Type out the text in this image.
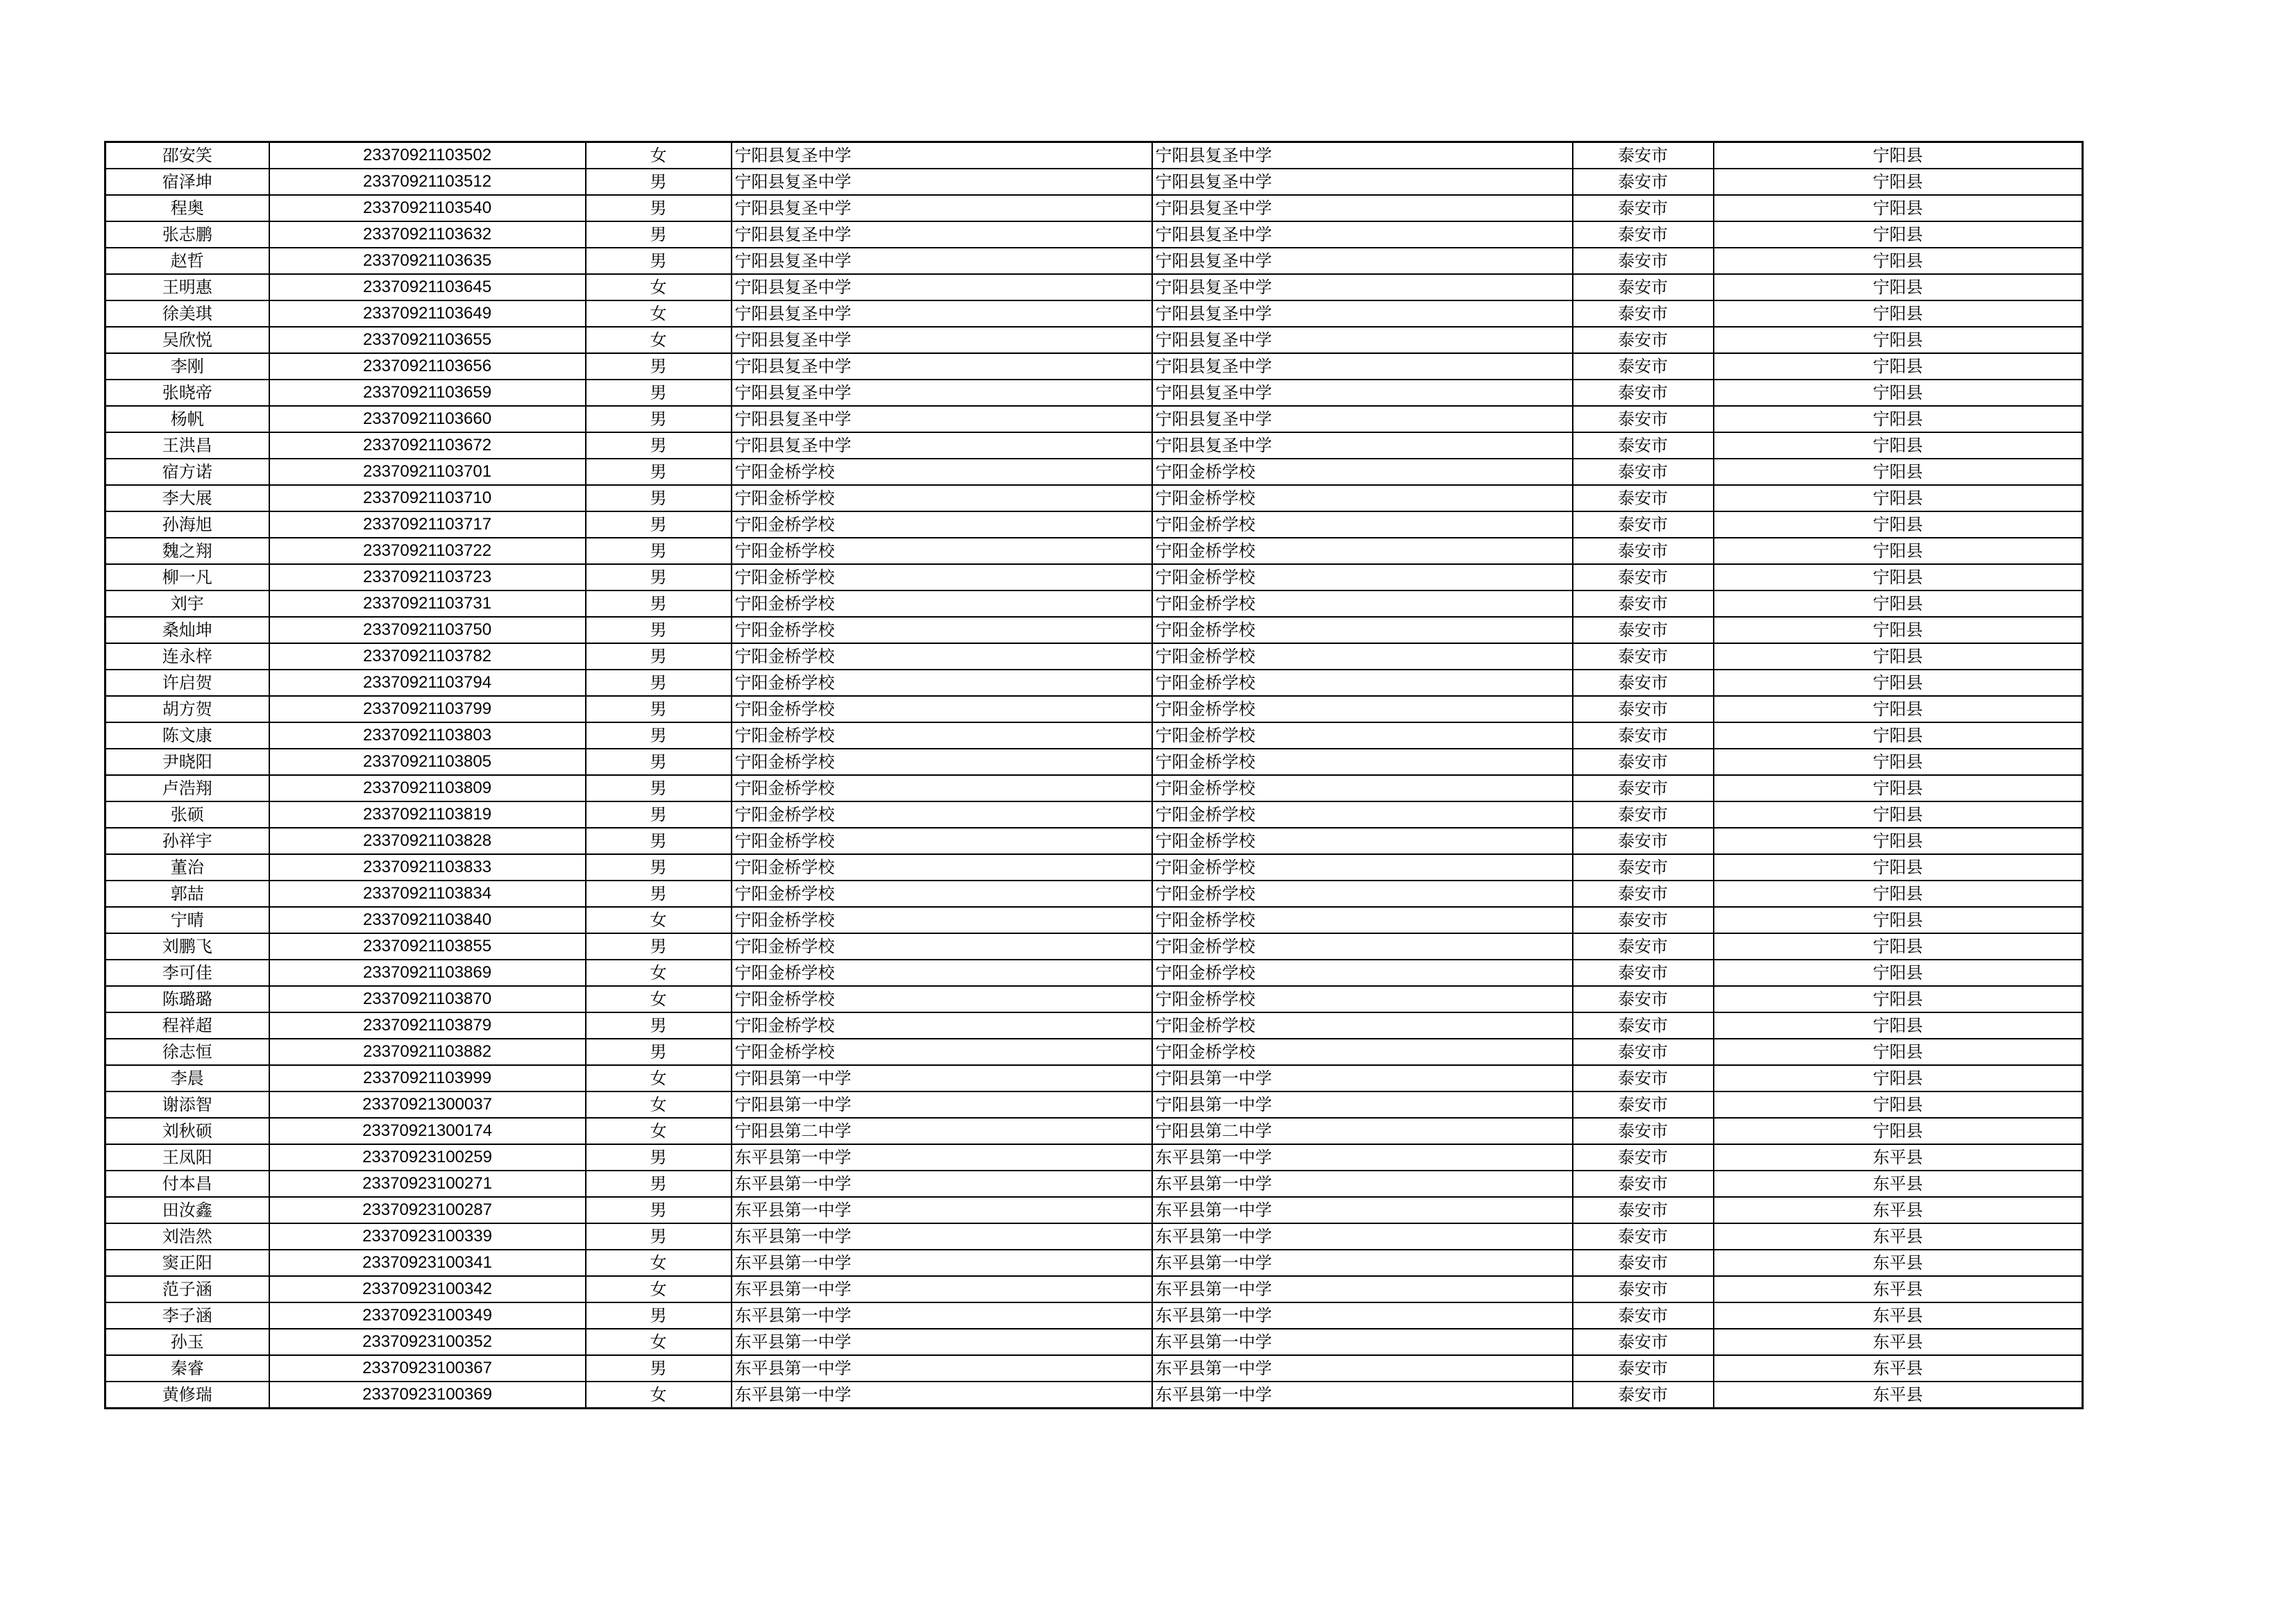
邵安笑	23370921103502	女	宁阳县复圣中学	宁阳县复圣中学	泰安市	宁阳县
宿泽坤	23370921103512	男	宁阳县复圣中学	宁阳县复圣中学	泰安市	宁阳县
程奥	23370921103540	男	宁阳县复圣中学	宁阳县复圣中学	泰安市	宁阳县
张志鹏	23370921103632	男	宁阳县复圣中学	宁阳县复圣中学	泰安市	宁阳县
赵哲	23370921103635	男	宁阳县复圣中学	宁阳县复圣中学	泰安市	宁阳县
王明惠	23370921103645	女	宁阳县复圣中学	宁阳县复圣中学	泰安市	宁阳县
徐美琪	23370921103649	女	宁阳县复圣中学	宁阳县复圣中学	泰安市	宁阳县
吴欣悦	23370921103655	女	宁阳县复圣中学	宁阳县复圣中学	泰安市	宁阳县
李刚	23370921103656	男	宁阳县复圣中学	宁阳县复圣中学	泰安市	宁阳县
张晓帝	23370921103659	男	宁阳县复圣中学	宁阳县复圣中学	泰安市	宁阳县
杨帆	23370921103660	男	宁阳县复圣中学	宁阳县复圣中学	泰安市	宁阳县
王洪昌	23370921103672	男	宁阳县复圣中学	宁阳县复圣中学	泰安市	宁阳县
宿方诺	23370921103701	男	宁阳金桥学校	宁阳金桥学校	泰安市	宁阳县
李大展	23370921103710	男	宁阳金桥学校	宁阳金桥学校	泰安市	宁阳县
孙海旭	23370921103717	男	宁阳金桥学校	宁阳金桥学校	泰安市	宁阳县
魏之翔	23370921103722	男	宁阳金桥学校	宁阳金桥学校	泰安市	宁阳县
柳一凡	23370921103723	男	宁阳金桥学校	宁阳金桥学校	泰安市	宁阳县
刘宇	23370921103731	男	宁阳金桥学校	宁阳金桥学校	泰安市	宁阳县
桑灿坤	23370921103750	男	宁阳金桥学校	宁阳金桥学校	泰安市	宁阳县
连永梓	23370921103782	男	宁阳金桥学校	宁阳金桥学校	泰安市	宁阳县
许启贺	23370921103794	男	宁阳金桥学校	宁阳金桥学校	泰安市	宁阳县
胡方贺	23370921103799	男	宁阳金桥学校	宁阳金桥学校	泰安市	宁阳县
陈文康	23370921103803	男	宁阳金桥学校	宁阳金桥学校	泰安市	宁阳县
尹晓阳	23370921103805	男	宁阳金桥学校	宁阳金桥学校	泰安市	宁阳县
卢浩翔	23370921103809	男	宁阳金桥学校	宁阳金桥学校	泰安市	宁阳县
张硕	23370921103819	男	宁阳金桥学校	宁阳金桥学校	泰安市	宁阳县
孙祥宇	23370921103828	男	宁阳金桥学校	宁阳金桥学校	泰安市	宁阳县
董治	23370921103833	男	宁阳金桥学校	宁阳金桥学校	泰安市	宁阳县
郭喆	23370921103834	男	宁阳金桥学校	宁阳金桥学校	泰安市	宁阳县
宁晴	23370921103840	女	宁阳金桥学校	宁阳金桥学校	泰安市	宁阳县
刘鹏飞	23370921103855	男	宁阳金桥学校	宁阳金桥学校	泰安市	宁阳县
李可佳	23370921103869	女	宁阳金桥学校	宁阳金桥学校	泰安市	宁阳县
陈璐璐	23370921103870	女	宁阳金桥学校	宁阳金桥学校	泰安市	宁阳县
程祥超	23370921103879	男	宁阳金桥学校	宁阳金桥学校	泰安市	宁阳县
徐志恒	23370921103882	男	宁阳金桥学校	宁阳金桥学校	泰安市	宁阳县
李晨	23370921103999	女	宁阳县第一中学	宁阳县第一中学	泰安市	宁阳县
谢添智	23370921300037	女	宁阳县第一中学	宁阳县第一中学	泰安市	宁阳县
刘秋硕	23370921300174	女	宁阳县第二中学	宁阳县第二中学	泰安市	宁阳县
王凤阳	23370923100259	男	东平县第一中学	东平县第一中学	泰安市	东平县
付本昌	23370923100271	男	东平县第一中学	东平县第一中学	泰安市	东平县
田汝鑫	23370923100287	男	东平县第一中学	东平县第一中学	泰安市	东平县
刘浩然	23370923100339	男	东平县第一中学	东平县第一中学	泰安市	东平县
窦正阳	23370923100341	女	东平县第一中学	东平县第一中学	泰安市	东平县
范子涵	23370923100342	女	东平县第一中学	东平县第一中学	泰安市	东平县
李子涵	23370923100349	男	东平县第一中学	东平县第一中学	泰安市	东平县
孙玉	23370923100352	女	东平县第一中学	东平县第一中学	泰安市	东平县
秦睿	23370923100367	男	东平县第一中学	东平县第一中学	泰安市	东平县
黄修瑞	23370923100369	女	东平县第一中学	东平县第一中学	泰安市	东平县
